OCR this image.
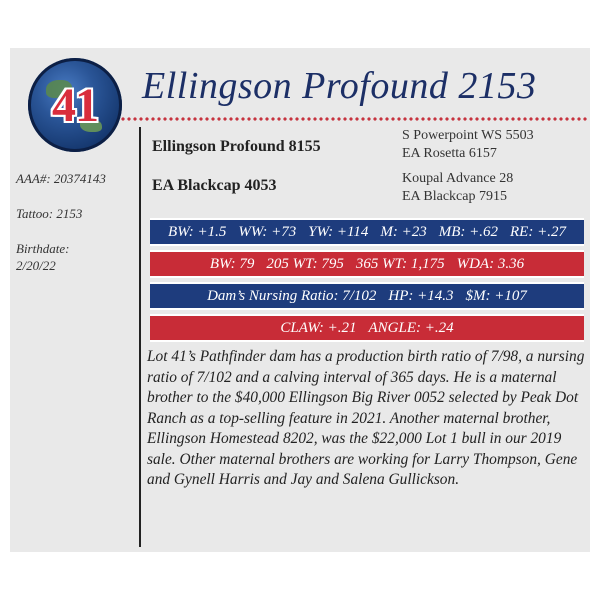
41 Ellingson Profound 2153
AAA#: 20374143
Tattoo: 2153
Birthdate:
2/20/22
Ellingson Profound 8155
EA Blackcap 4053
S Powerpoint WS 5503
EA Rosetta 6157
Koupal Advance 28
EA Blackcap 7915
BW: +1.5 WW: +73 YW: +114 M: +23 MB: +.62 RE: +.27
BW: 79 205 WT: 795 365 WT: 1,175 WDA: 3.36
Dam’s Nursing Ratio: 7/102 HP: +14.3 $M: +107
CLAW: +.21 ANGLE: +.24
Lot 41’s Pathfinder dam has a production birth ratio of 7/98, a nursing ratio of 7/102 and a calving interval of 365 days. He is a maternal brother to the $40,000 Ellingson Big River 0052 selected by Peak Dot Ranch as a top-selling feature in 2021. Another maternal brother, Ellingson Homestead 8202, was the $22,000 Lot 1 bull in our 2019 sale. Other maternal brothers are working for Larry Thompson, Gene and Gynell Harris and Jay and Salena Gullickson.
